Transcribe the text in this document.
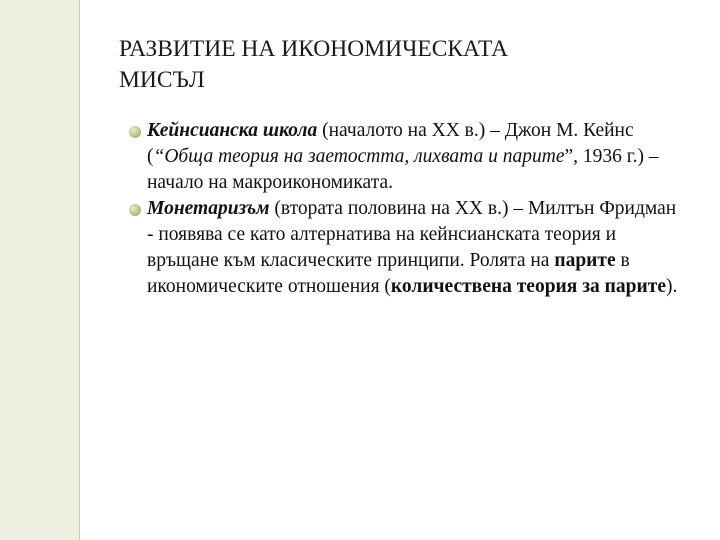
РАЗВИТИЕ НА ИКОНОМИЧЕСКАТА
МИСЪЛ
Кейнсианска школа (началото на XX в.) – Джон М. Кейнс (“Обща теория на заетостта, лихвата и парите”, 1936 г.) – начало на макроикономиката.
Монетаризъм (втората половина на XX в.) – Милтън Фридман - появява се като алтернатива на кейнсианската теория и връщане към класическите принципи. Ролята на парите в икономическите отношения (количествена теория за парите).
